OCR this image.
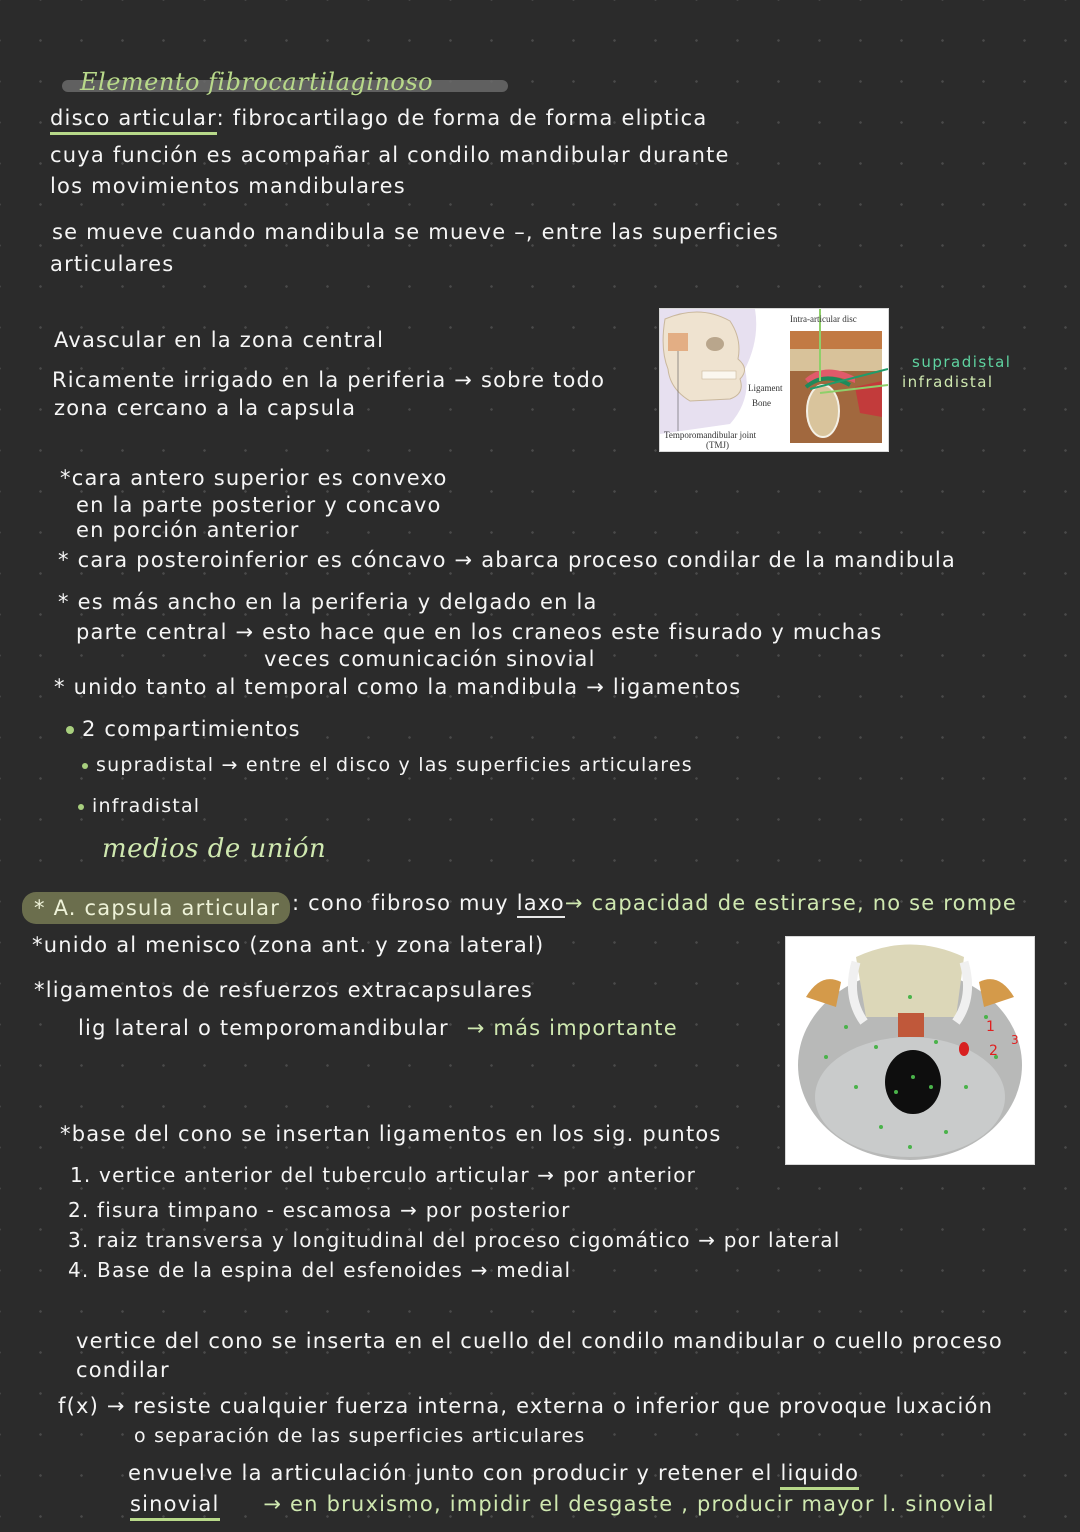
Elemento fibrocartilaginoso
disco articular: fibrocartilago de forma de forma eliptica
cuya función es acompañar al condilo mandibular durante
los movimientos mandibulares
se mueve cuando mandibula se mueve –, entre las superficies
articulares
Avascular en la zona central
Ricamente irrigado en la periferia → sobre todo
zona cercano a la capsula
Intra-articular disc
Ligament
Bone
Temporomandibular joint
(TMJ)
supradistal
infradistal
*cara antero superior es convexo
en la parte posterior y concavo
en porción anterior
* cara posteroinferior es cóncavo → abarca proceso condilar de la mandibula
* es más ancho en la periferia y delgado en la
parte central → esto hace que en los craneos este fisurado y muchas
veces comunicación sinovial
* unido tanto al temporal como la mandibula → ligamentos
2 compartimientos
supradistal → entre el disco y las superficies articulares
infradistal
medios de unión
* A. capsula articular : cono fibroso muy laxo→ capacidad de estirarse, no se rompe
*unido al menisco (zona ant. y zona lateral)
*ligamentos de resfuerzos extracapsulares
lig lateral o temporomandibular → más importante	1
2
3
*base del cono se insertan ligamentos en los sig. puntos
1. vertice anterior del tuberculo articular → por anterior
2. fisura timpano - escamosa → por posterior
3. raiz transversa y longitudinal del proceso cigomático → por lateral
4. Base de la espina del esfenoides → medial
vertice del cono se inserta en el cuello del condilo mandibular o cuello proceso
condilar
f(x) → resiste cualquier fuerza interna, externa o inferior que provoque luxación
o separación de las superficies articulares
envuelve la articulación junto con producir y retener el liquido
sinovial → en bruxismo, impidir el desgaste , producir mayor l. sinovial
